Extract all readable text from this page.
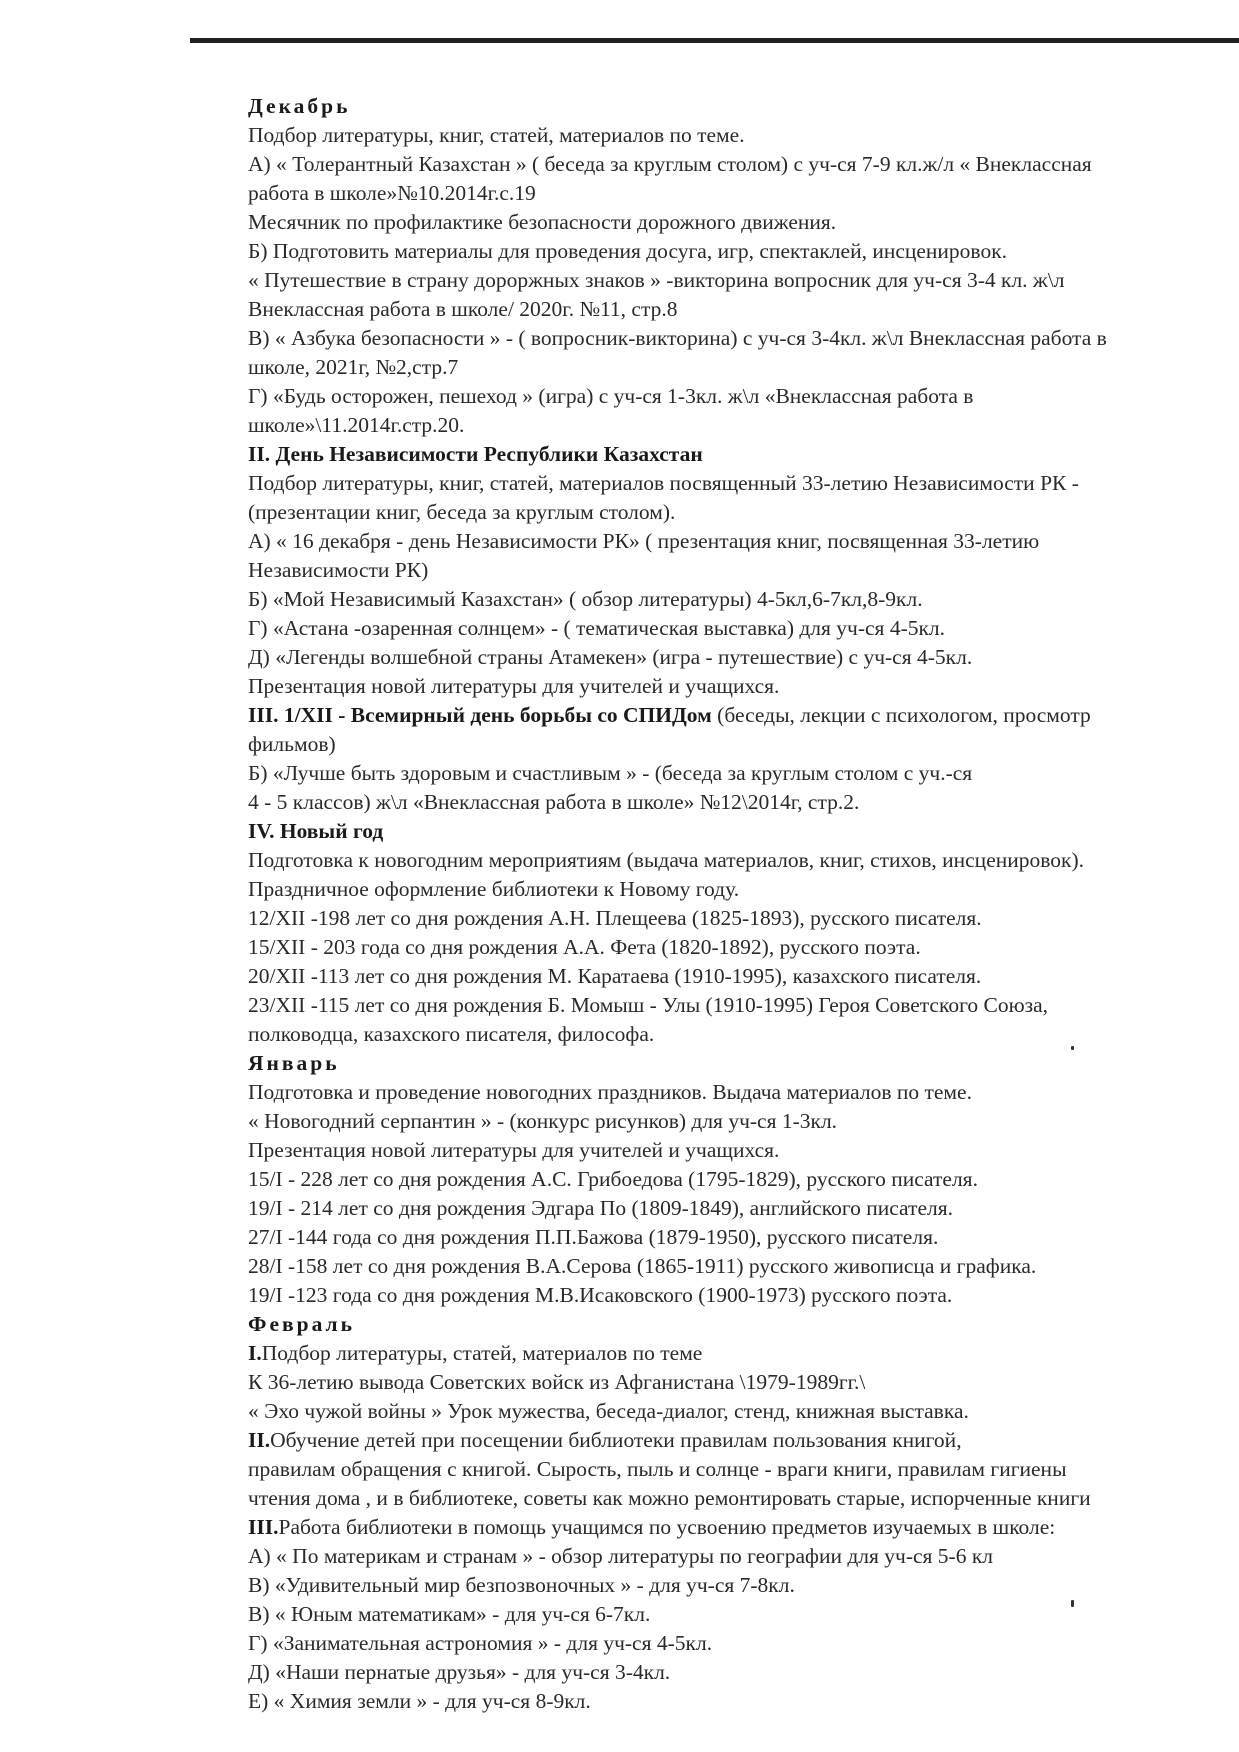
Декабрь
Подбор литературы, книг, статей, материалов по теме.
А) « Толерантный Казахстан » ( беседа за круглым столом) с уч-ся 7-9 кл.ж/л « Внеклассная
работа в школе»№10.2014г.с.19
Месячник по профилактике безопасности дорожного движения.
Б) Подготовить материалы для проведения досуга, игр, спектаклей, инсценировок.
« Путешествие в страну дороржных знаков » -викторина вопросник для уч-ся 3-4 кл. ж\л
Внеклассная работа в школе/ 2020г. №11, стр.8
В) « Азбука безопасности » - ( вопросник-викторина) с уч-ся 3-4кл. ж\л Внеклассная работа в
школе, 2021г, №2,стр.7
Г) «Будь осторожен, пешеход » (игра) с уч-ся 1-3кл. ж\л «Внеклассная работа в
школе»\11.2014г.стр.20.
II. День Независимости Республики Казахстан
Подбор литературы, книг, статей, материалов посвященный 33-летию Независимости РК -
(презентации книг, беседа за круглым столом).
А) « 16 декабря - день Независимости РК» ( презентация книг, посвященная 33-летию
Независимости РК)
Б) «Мой Независимый Казахстан» ( обзор литературы) 4-5кл,6-7кл,8-9кл.
Г) «Астана -озаренная солнцем» - ( тематическая выставка) для уч-ся 4-5кл.
Д) «Легенды волшебной страны Атамекен» (игра - путешествие) с уч-ся 4-5кл.
Презентация новой литературы для учителей и учащихся.
III. 1/XII - Всемирный день борьбы со СПИДом (беседы, лекции с психологом, просмотр
фильмов)
Б) «Лучше быть здоровым и счастливым » - (беседа за круглым столом с уч.-ся
4 - 5 классов) ж\л «Внеклассная работа в школе» №12\2014г, стр.2.
IV. Новый год
Подготовка к новогодним мероприятиям (выдача материалов, книг, стихов, инсценировок).
Праздничное оформление библиотеки к Новому году.
12/XII -198 лет со дня рождения А.Н. Плещеева (1825-1893), русского писателя.
15/XII - 203 года со дня рождения А.А. Фета (1820-1892), русского поэта.
20/XII -113 лет со дня рождения М. Каратаева (1910-1995), казахского писателя.
23/XII -115 лет со дня рождения Б. Момыш - Улы (1910-1995) Героя Советского Союза,
полководца, казахского писателя, философа.
Январь
Подготовка и проведение новогодних праздников. Выдача материалов по теме.
« Новогодний серпантин » - (конкурс рисунков) для уч-ся 1-3кл.
Презентация новой литературы для учителей и учащихся.
15/I - 228 лет со дня рождения А.С. Грибоедова (1795-1829), русского писателя.
19/I - 214 лет со дня рождения Эдгара По (1809-1849), английского писателя.
27/I -144 года со дня рождения П.П.Бажова (1879-1950), русского писателя.
28/I -158 лет со дня рождения В.А.Серова (1865-1911) русского живописца и графика.
19/I -123 года со дня рождения М.В.Исаковского (1900-1973) русского поэта.
Февраль
I.Подбор литературы, статей, материалов по теме
К 36-летию вывода Советских войск из Афганистана \1979-1989гг.\
« Эхо чужой войны » Урок мужества, беседа-диалог, стенд, книжная выставка.
II.Обучение детей при посещении библиотеки правилам пользования книгой,
правилам обращения с книгой. Сырость, пыль и солнце - враги книги, правилам гигиены
чтения дома , и в библиотеке, советы как можно ремонтировать старые, испорченные книги
III.Работа библиотеки в помощь учащимся по усвоению предметов изучаемых в школе:
А) « По материкам и странам » - обзор литературы по географии для уч-ся 5-6 кл
В) «Удивительный мир безпозвоночных » - для уч-ся 7-8кл.
В) « Юным математикам» - для уч-ся 6-7кл.
Г) «Занимательная астрономия » - для уч-ся 4-5кл.
Д) «Наши пернатые друзья» - для уч-ся 3-4кл.
Е) « Химия земли » - для уч-ся 8-9кл.
